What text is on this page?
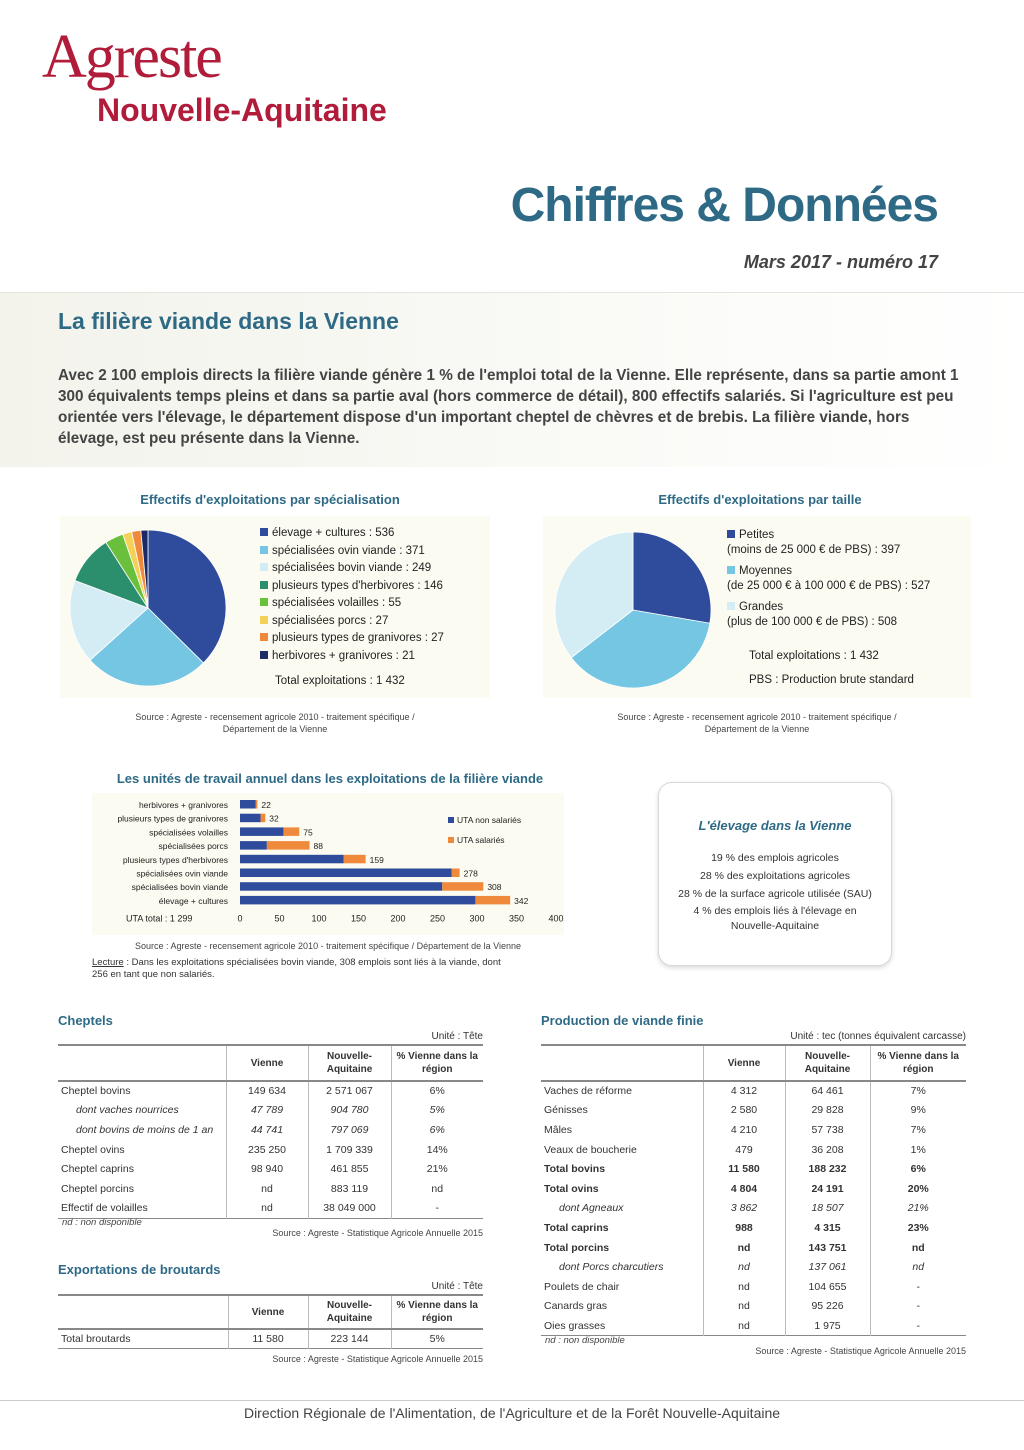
Agreste
Nouvelle-Aquitaine
Chiffres & Données
Mars 2017 - numéro 17
La filière viande dans la Vienne
Avec 2 100 emplois directs la filière viande génère 1 % de l'emploi total de la Vienne. Elle représente, dans sa partie amont 1 300 équivalents temps pleins et dans sa partie aval (hors commerce de détail), 800 effectifs salariés. Si l'agriculture est peu orientée vers l'élevage, le département dispose d'un important cheptel de chèvres et de brebis. La filière viande, hors élevage, est peu présente dans la Vienne.
Effectifs d'exploitations par spécialisation
élevage + cultures : 536
spécialisées ovin viande : 371
spécialisées bovin viande : 249
plusieurs types d'herbivores : 146
spécialisées volailles : 55
spécialisées porcs : 27
plusieurs types de granivores : 27
herbivores + granivores : 21
Total exploitations : 1 432
Source : Agreste - recensement agricole 2010 - traitement spécifique /
Département de la Vienne
Effectifs d'exploitations par taille
Petites
(moins de 25 000 € de PBS) : 397
Moyennes
(de 25 000 € à 100 000 € de PBS) : 527
Grandes
(plus de 100 000 € de PBS) : 508
Total exploitations : 1 432
PBS : Production brute standard
Source : Agreste - recensement agricole 2010 - traitement spécifique /
Département de la Vienne
Les unités de travail annuel dans les exploitations de la filière viande
herbivores + granivores	22
plusieurs types de granivores	32
spécialisées volailles	75
spécialisées porcs	88
plusieurs types d'herbivores	159
spécialisées ovin viande	278
spécialisées bovin viande	308
élevage + cultures	342
0	50	100	150	200	250	300	350	400
UTA total : 1 299
UTA non salariés
UTA salariés
Source : Agreste - recensement agricole 2010 - traitement spécifique / Département de la Vienne
Lecture : Dans les exploitations spécialisées bovin viande, 308 emplois sont liés à la viande, dont
256 en tant que non salariés.
L'élevage dans la Vienne
19 % des emplois agricoles
28 % des exploitations agricoles
28 % de la surface agricole utilisée (SAU)
4 % des emplois liés à l'élevage en
Nouvelle-Aquitaine
Cheptels
Unité : Tête
	Vienne	Nouvelle-Aquitaine	% Vienne dans la région
Cheptel bovins	149 634	2 571 067	6%
dont vaches nourrices	47 789	904 780	5%
dont bovins de moins de 1 an	44 741	797 069	6%
Cheptel ovins	235 250	1 709 339	14%
Cheptel caprins	98 940	461 855	21%
Cheptel porcins	nd	883 119	nd
Effectif de volailles	nd	38 049 000	-
nd : non disponible
Source : Agreste - Statistique Agricole Annuelle 2015
Exportations de broutards
Unité : Tête
	Vienne	Nouvelle-Aquitaine	% Vienne dans la région
Total broutards	11 580	223 144	5%
Source : Agreste - Statistique Agricole Annuelle 2015
Production de viande finie
Unité : tec (tonnes équivalent carcasse)
	Vienne	Nouvelle-Aquitaine	% Vienne dans la région
Vaches de réforme	4 312	64 461	7%
Génisses	2 580	29 828	9%
Mâles	4 210	57 738	7%
Veaux de boucherie	479	36 208	1%
Total bovins	11 580	188 232	6%
Total ovins	4 804	24 191	20%
dont Agneaux	3 862	18 507	21%
Total caprins	988	4 315	23%
Total porcins	nd	143 751	nd
dont Porcs charcutiers	nd	137 061	nd
Poulets de chair	nd	104 655	-
Canards gras	nd	95 226	-
Oies grasses	nd	1 975	-
nd : non disponible
Source : Agreste - Statistique Agricole Annuelle 2015
Direction Régionale de l'Alimentation, de l'Agriculture et de la Forêt Nouvelle-Aquitaine
